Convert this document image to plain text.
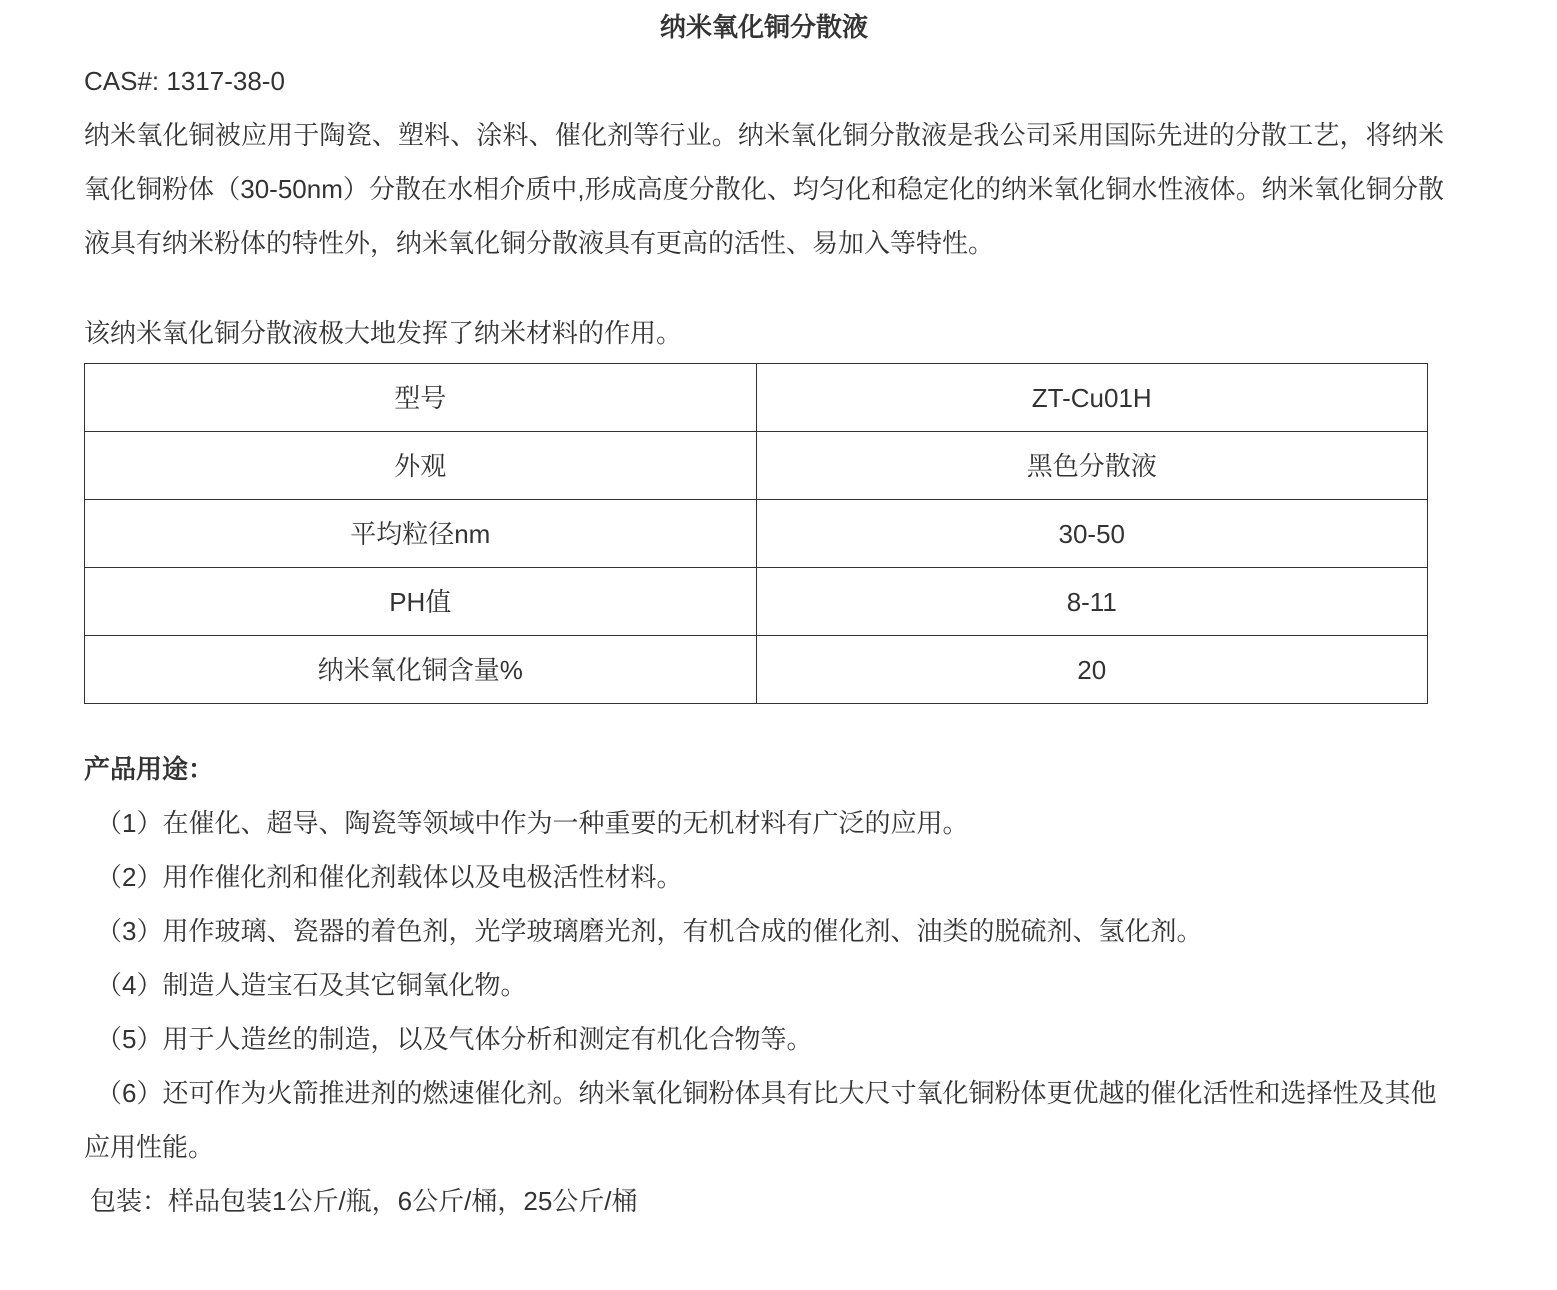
纳米氧化铜分散液

CAS#: 1317-38-0

纳米氧化铜被应用于陶瓷、塑料、涂料、催化剂等行业。纳米氧化铜分散液是我公司采用国际先进的分散工艺，将纳米氧化铜粉体（30-50nm）分散在水相介质中,形成高度分散化、均匀化和稳定化的纳米氧化铜水性液体。纳米氧化铜分散液具有纳米粉体的特性外，纳米氧化铜分散液具有更高的活性、易加入等特性。

该纳米氧化铜分散液极大地发挥了纳米材料的作用。

型号	ZT-Cu01H
外观	黑色分散液
平均粒径nm	30-50
PH值	8-11
纳米氧化铜含量%	20
产品用途：

（1）在催化、超导、陶瓷等领域中作为一种重要的无机材料有广泛的应用。

（2）用作催化剂和催化剂载体以及电极活性材料。

（3）用作玻璃、瓷器的着色剂，光学玻璃磨光剂，有机合成的催化剂、油类的脱硫剂、氢化剂。

（4）制造人造宝石及其它铜氧化物。

（5）用于人造丝的制造，以及气体分析和测定有机化合物等。

（6）还可作为火箭推进剂的燃速催化剂。纳米氧化铜粉体具有比大尺寸氧化铜粉体更优越的催化活性和选择性及其他应用性能。

包装：样品包装1公斤/瓶，6公斤/桶，25公斤/桶
